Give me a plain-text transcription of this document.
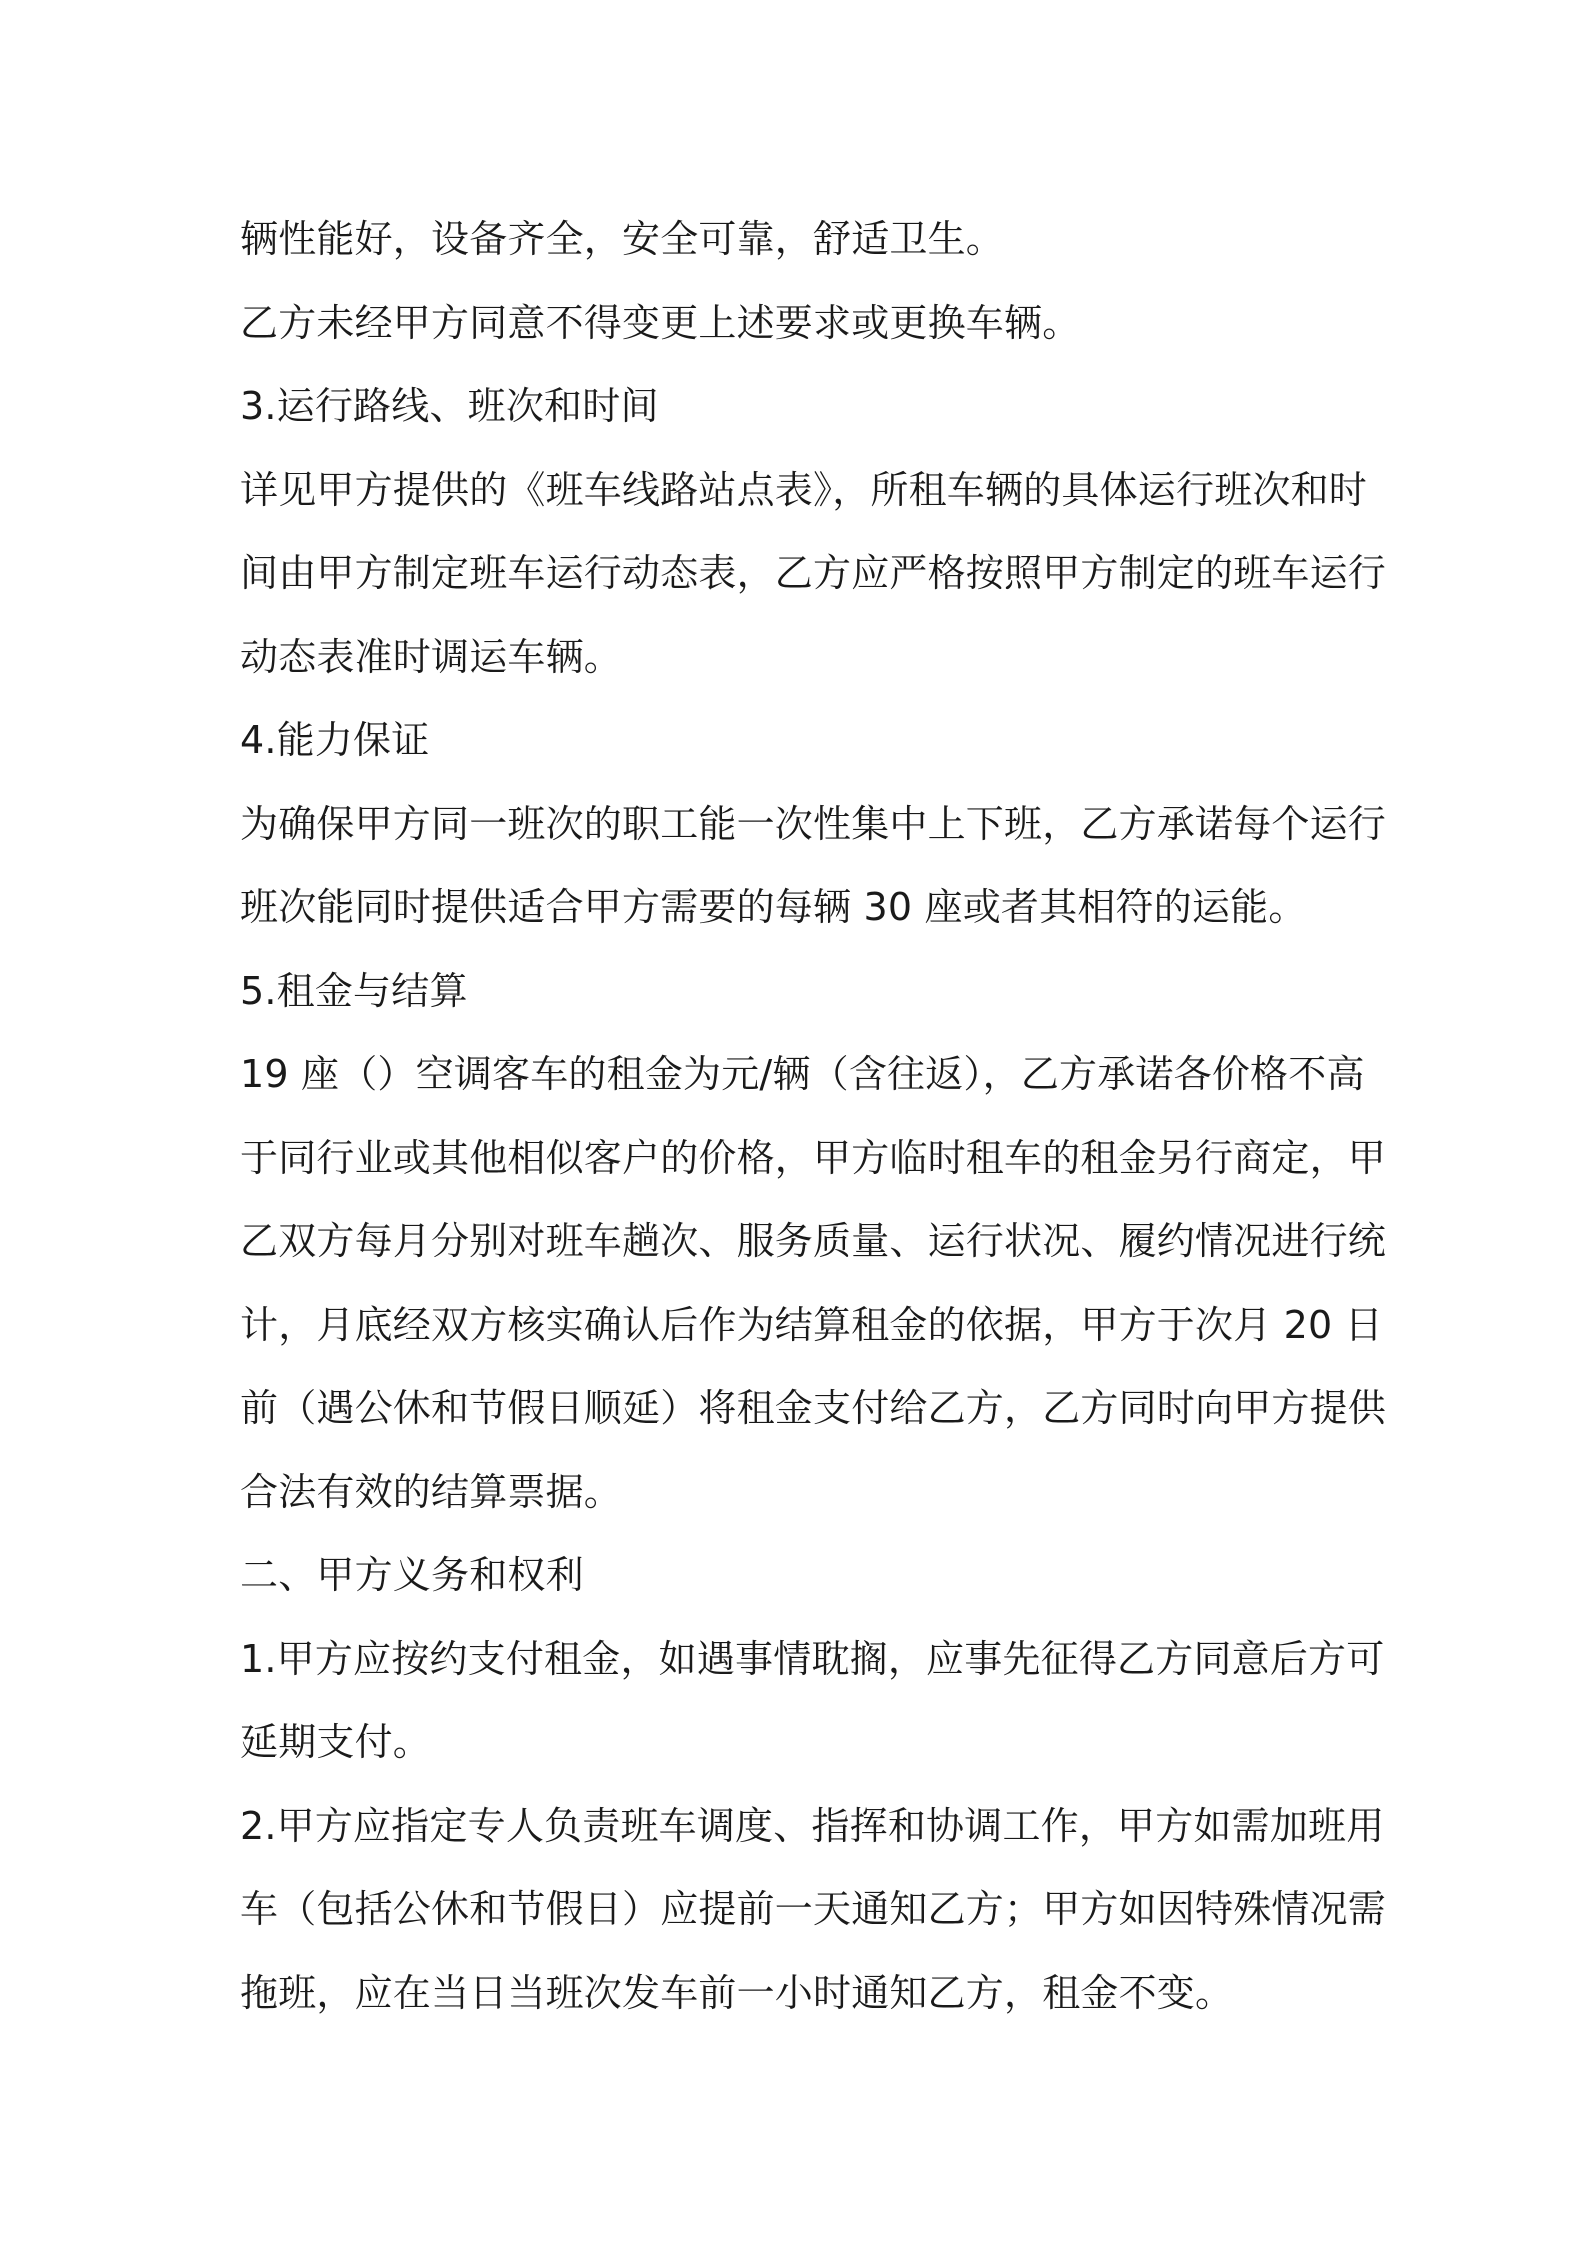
辆性能好，设备齐全，安全可靠，舒适卫生。
乙方未经甲方同意不得变更上述要求或更换车辆。
3.运行路线、班次和时间
详见甲方提供的《班车线路站点表》，所租车辆的具体运行班次和时
间由甲方制定班车运行动态表，乙方应严格按照甲方制定的班车运行
动态表准时调运车辆。
4.能力保证
为确保甲方同一班次的职工能一次性集中上下班，乙方承诺每个运行
班次能同时提供适合甲方需要的每辆 30 座或者其相符的运能。
5.租金与结算
19 座（）空调客车的租金为元/辆（含往返），乙方承诺各价格不高
于同行业或其他相似客户的价格，甲方临时租车的租金另行商定，甲
乙双方每月分别对班车趟次、服务质量、运行状况、履约情况进行统
计，月底经双方核实确认后作为结算租金的依据，甲方于次月 20 日
前（遇公休和节假日顺延）将租金支付给乙方，乙方同时向甲方提供
合法有效的结算票据。
二、甲方义务和权利
1.甲方应按约支付租金，如遇事情耽搁，应事先征得乙方同意后方可
延期支付。
2.甲方应指定专人负责班车调度、指挥和协调工作，甲方如需加班用
车（包括公休和节假日）应提前一天通知乙方；甲方如因特殊情况需
拖班，应在当日当班次发车前一小时通知乙方，租金不变。
